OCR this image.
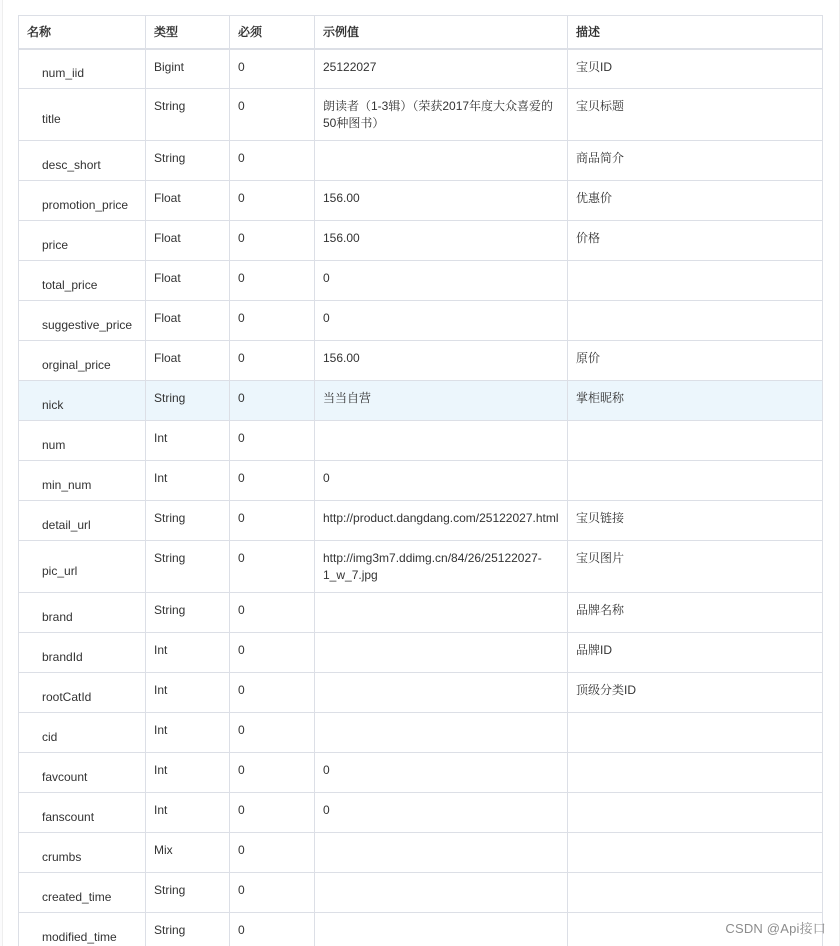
名称	类型	必须	示例值	描述
num_iid	Bigint	0	25122027	宝贝ID
title	String	0	朗读者（1-3辑）（荣获2017年度大众喜爱的50种图书）	宝贝标题
desc_short	String	0		商品简介
promotion_price	Float	0	156.00	优惠价
price	Float	0	156.00	价格
total_price	Float	0	0	
suggestive_price	Float	0	0	
orginal_price	Float	0	156.00	原价
nick	String	0	当当自营	掌柜昵称
num	Int	0		
min_num	Int	0	0	
detail_url	String	0	http://product.dangdang.com/25122027.html	宝贝链接
pic_url	String	0	http://img3m7.ddimg.cn/84/26/25122027-1_w_7.jpg	宝贝图片
brand	String	0		品牌名称
brandId	Int	0		品牌ID
rootCatId	Int	0		顶级分类ID
cid	Int	0		
favcount	Int	0	0	
fanscount	Int	0	0	
crumbs	Mix	0		
created_time	String	0		
modified_time	String	0			CSDN @Api接口
